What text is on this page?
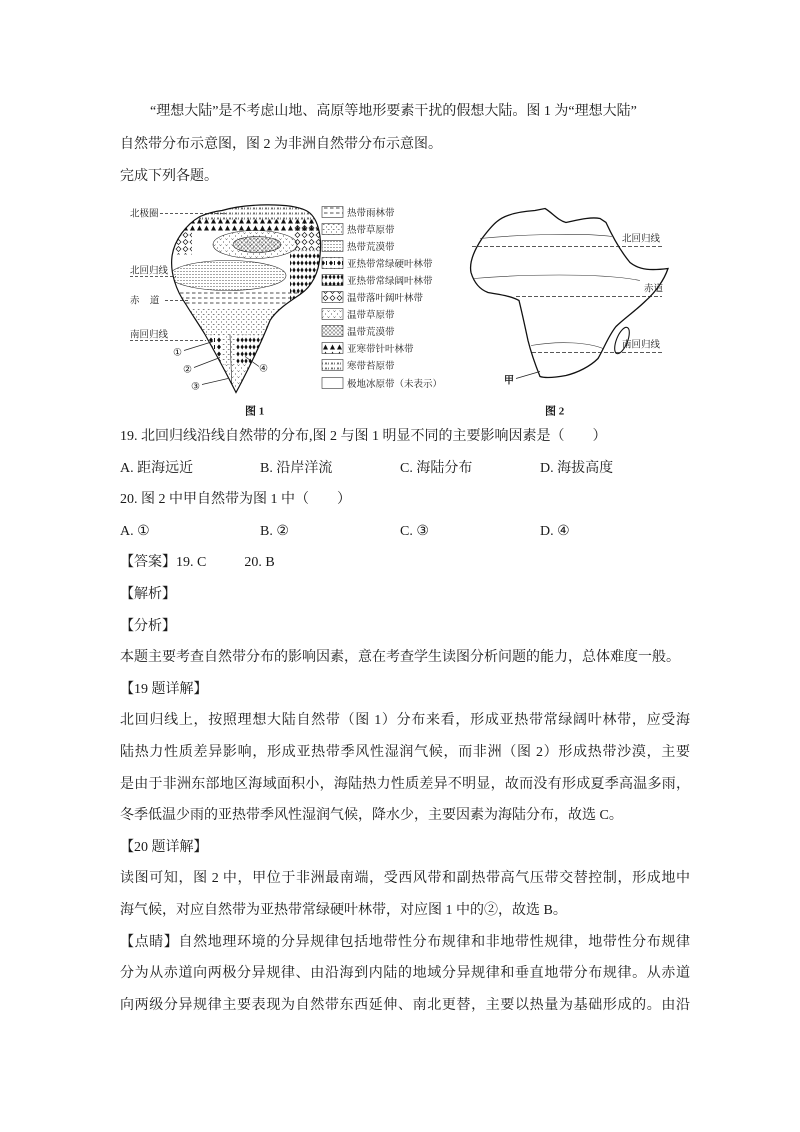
“理想大陆”是不考虑山地、高原等地形要素干扰的假想大陆。图 1 为“理想大陆”
自然带分布示意图，图 2 为非洲自然带分布示意图。
完成下列各题。
北极圈
北回归线
赤 道
南回归线
①
②
③
④
热带雨林带
热带草原带
热带荒漠带
亚热带常绿硬叶林带
亚热带常绿阔叶林带
温带落叶阔叶林带
温带草原带
温带荒漠带
亚寒带针叶林带
寒带苔原带
极地冰原带（未表示）
图 1
北回归线
赤道
南回归线
甲
图 2
19. 北回归线沿线自然带的分布,图 2 与图 1 明显不同的主要影响因素是（　　）
A. 距海远近	B. 沿岸洋流	C. 海陆分布	D. 海拔高度
20. 图 2 中甲自然带为图 1 中（　　）
A. ①	B. ②	C. ③	D. ④
【答案】19. C	20. B
【解析】
【分析】
本题主要考查自然带分布的影响因素，意在考查学生读图分析问题的能力，总体难度一般。
【19 题详解】
北回归线上，按照理想大陆自然带（图 1）分布来看，形成亚热带常绿阔叶林带，应受海
陆热力性质差异影响，形成亚热带季风性湿润气候，而非洲（图 2）形成热带沙漠，主要
是由于非洲东部地区海域面积小，海陆热力性质差异不明显，故而没有形成夏季高温多雨，
冬季低温少雨的亚热带季风性湿润气候，降水少，主要因素为海陆分布，故选 C。
【20 题详解】
读图可知，图 2 中，甲位于非洲最南端，受西风带和副热带高气压带交替控制，形成地中
海气候，对应自然带为亚热带常绿硬叶林带，对应图 1 中的②，故选 B。
【点睛】自然地理环境的分异规律包括地带性分布规律和非地带性规律，地带性分布规律
分为从赤道向两极分异规律、由沿海到内陆的地域分异规律和垂直地带分布规律。从赤道
向两级分异规律主要表现为自然带东西延伸、南北更替，主要以热量为基础形成的。由沿
